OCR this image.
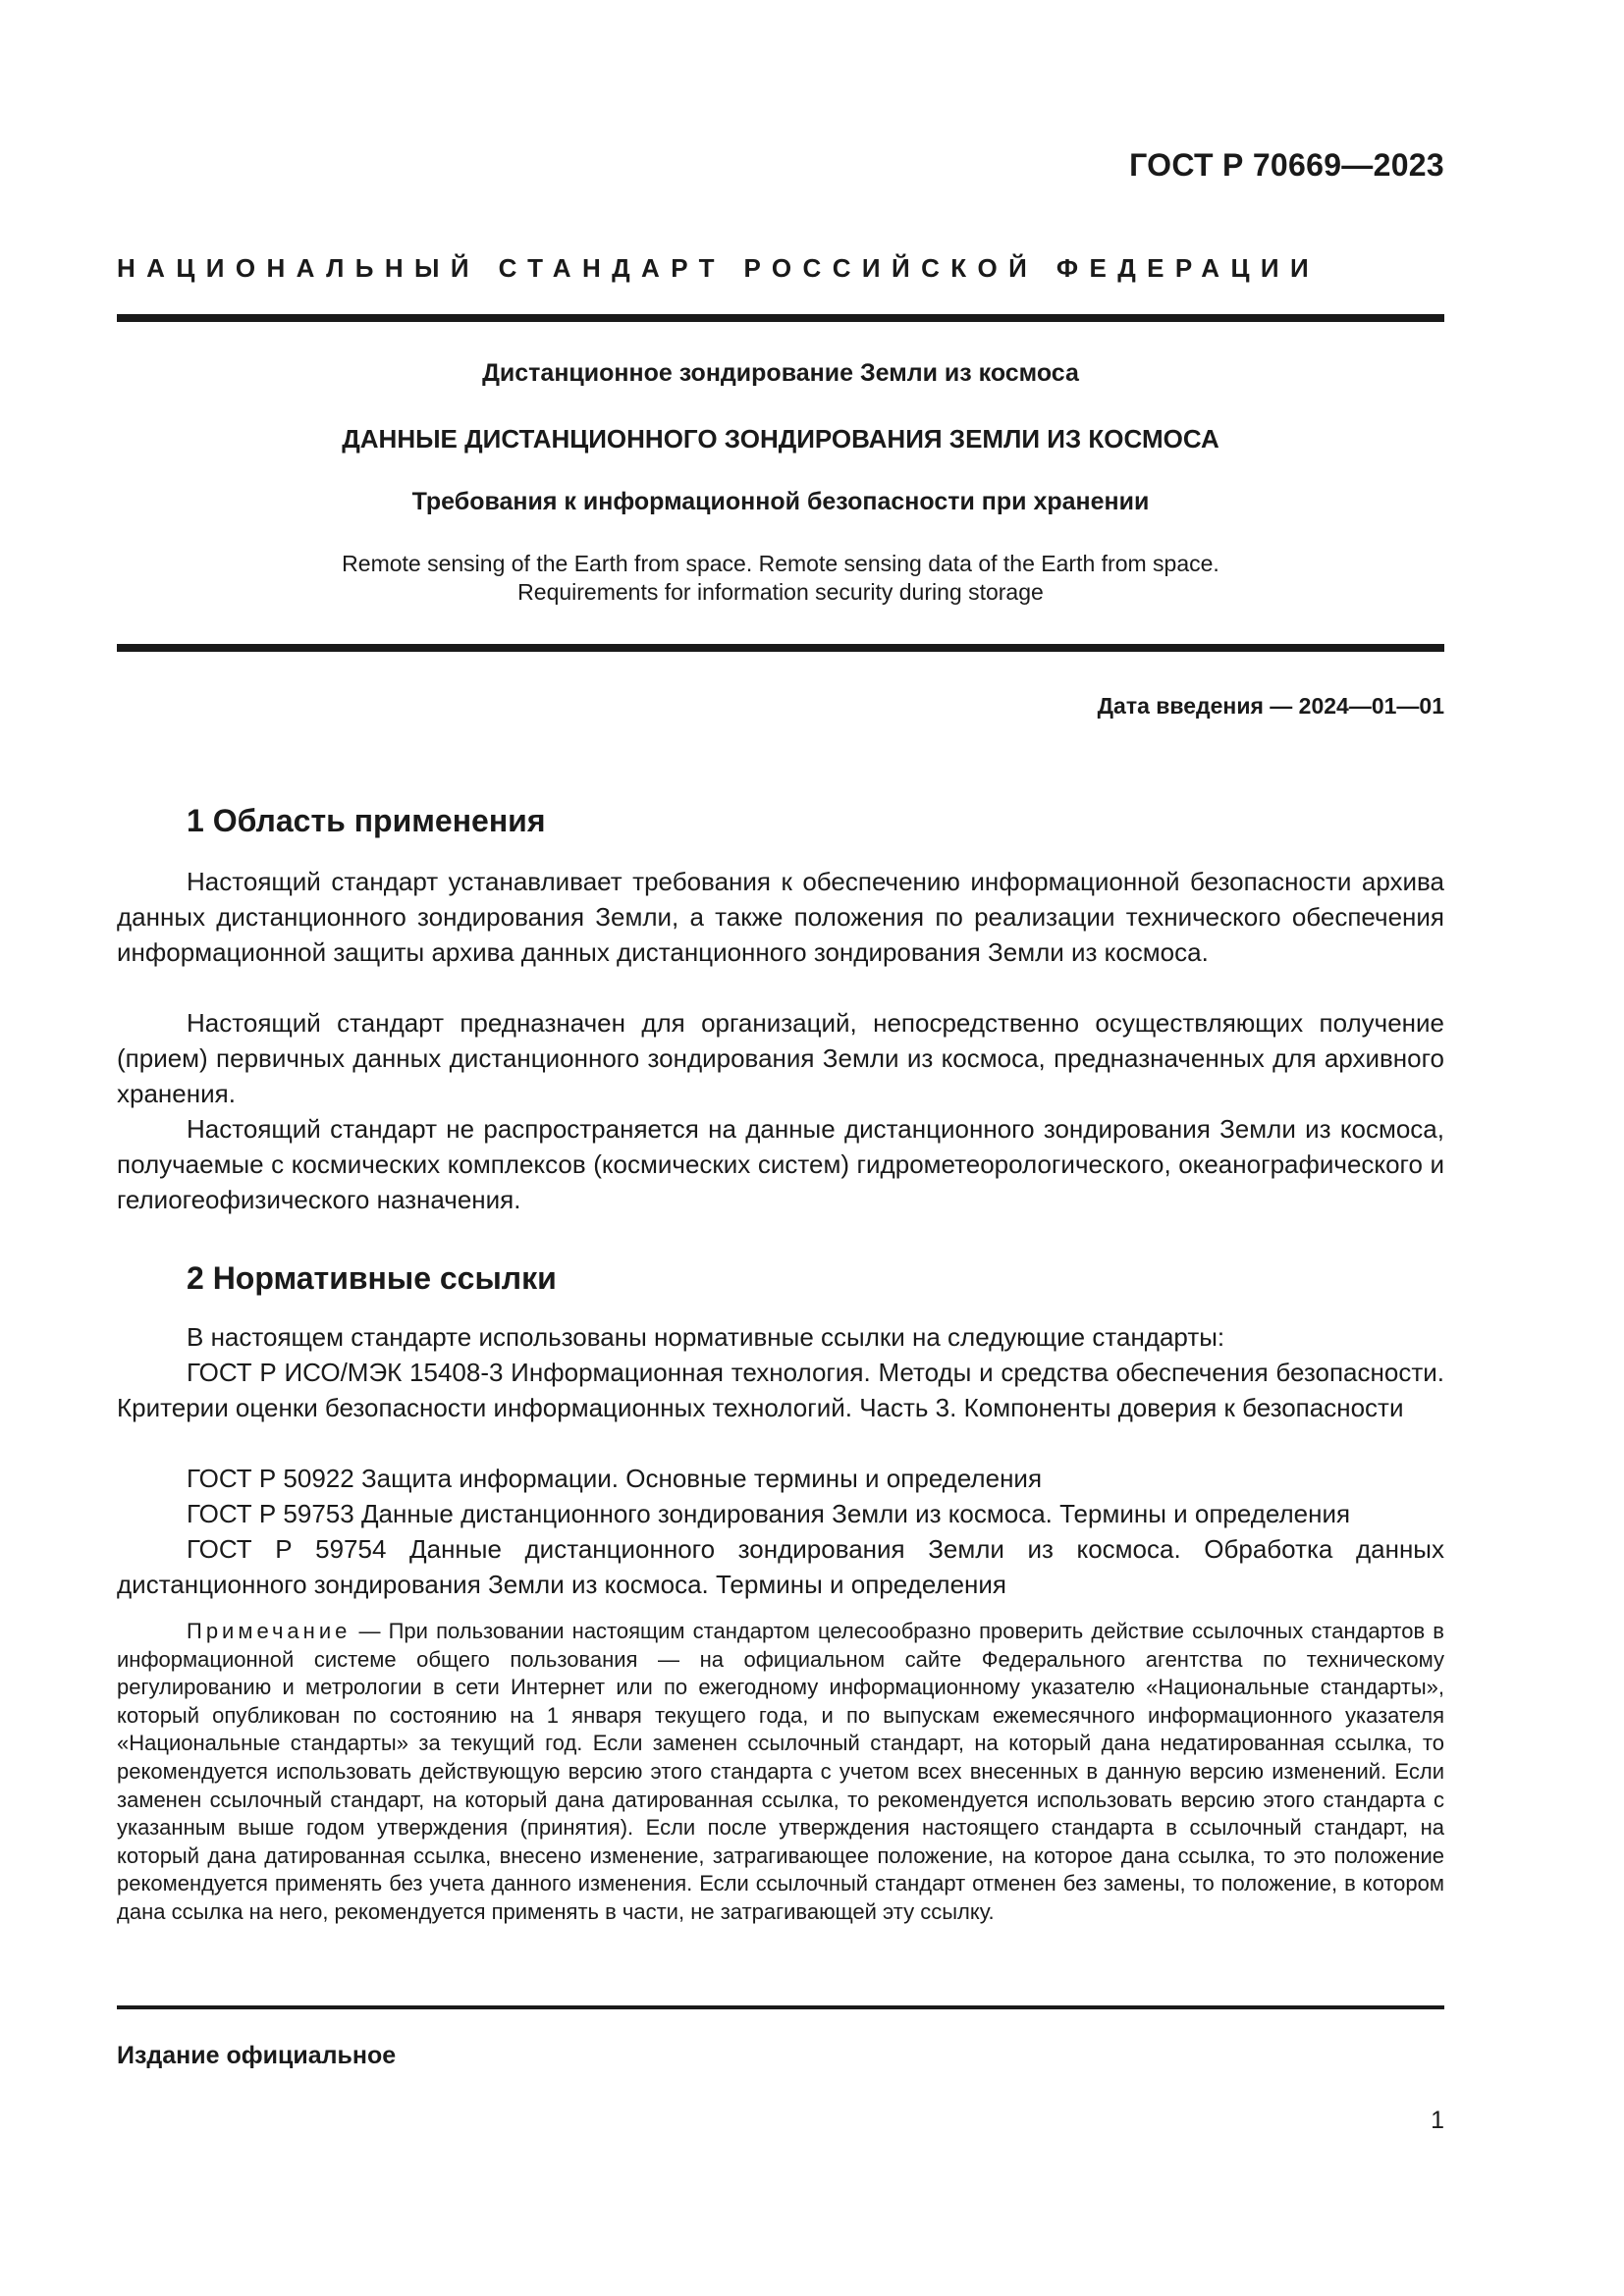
ГОСТ Р 70669—2023
НАЦИОНАЛЬНЫЙ СТАНДАРТ РОССИЙСКОЙ ФЕДЕРАЦИИ
Дистанционное зондирование Земли из космоса
ДАННЫЕ ДИСТАНЦИОННОГО ЗОНДИРОВАНИЯ ЗЕМЛИ ИЗ КОСМОСА
Требования к информационной безопасности при хранении
Remote sensing of the Earth from space. Remote sensing data of the Earth from space.
Requirements for information security during storage
Дата введения — 2024—01—01
1 Область применения

Настоящий стандарт устанавливает требования к обеспечению информационной безопасности архива данных дистанционного зондирования Земли, а также положения по реализации технического обеспечения информационной защиты архива данных дистанционного зондирования Земли из космоса.

Настоящий стандарт предназначен для организаций, непосредственно осуществляющих получение (прием) первичных данных дистанционного зондирования Земли из космоса, предназначенных для архивного хранения.

Настоящий стандарт не распространяется на данные дистанционного зондирования Земли из космоса, получаемые с космических комплексов (космических систем) гидрометеорологического, океанографического и гелиогеофизического назначения.

2 Нормативные ссылки

В настоящем стандарте использованы нормативные ссылки на следующие стандарты:

ГОСТ Р ИСО/МЭК 15408-3 Информационная технология. Методы и средства обеспечения безопасности. Критерии оценки безопасности информационных технологий. Часть 3. Компоненты доверия к безопасности

ГОСТ Р 50922 Защита информации. Основные термины и определения

ГОСТ Р 59753 Данные дистанционного зондирования Земли из космоса. Термины и определения

ГОСТ Р 59754 Данные дистанционного зондирования Земли из космоса. Обработка данных дистанционного зондирования Земли из космоса. Термины и определения

Примечание — При пользовании настоящим стандартом целесообразно проверить действие ссылочных стандартов в информационной системе общего пользования — на официальном сайте Федерального агентства по техническому регулированию и метрологии в сети Интернет или по ежегодному информационному указателю «Национальные стандарты», который опубликован по состоянию на 1 января текущего года, и по выпускам ежемесячного информационного указателя «Национальные стандарты» за текущий год. Если заменен ссылочный стандарт, на который дана недатированная ссылка, то рекомендуется использовать действующую версию этого стандарта с учетом всех внесенных в данную версию изменений. Если заменен ссылочный стандарт, на который дана датированная ссылка, то рекомендуется использовать версию этого стандарта с указанным выше годом утверждения (принятия). Если после утверждения настоящего стандарта в ссылочный стандарт, на который дана датированная ссылка, внесено изменение, затрагивающее положение, на которое дана ссылка, то это положение рекомендуется применять без учета данного изменения. Если ссылочный стандарт отменен без замены, то положение, в котором дана ссылка на него, рекомендуется применять в части, не затрагивающей эту ссылку.

Издание официальное
1
